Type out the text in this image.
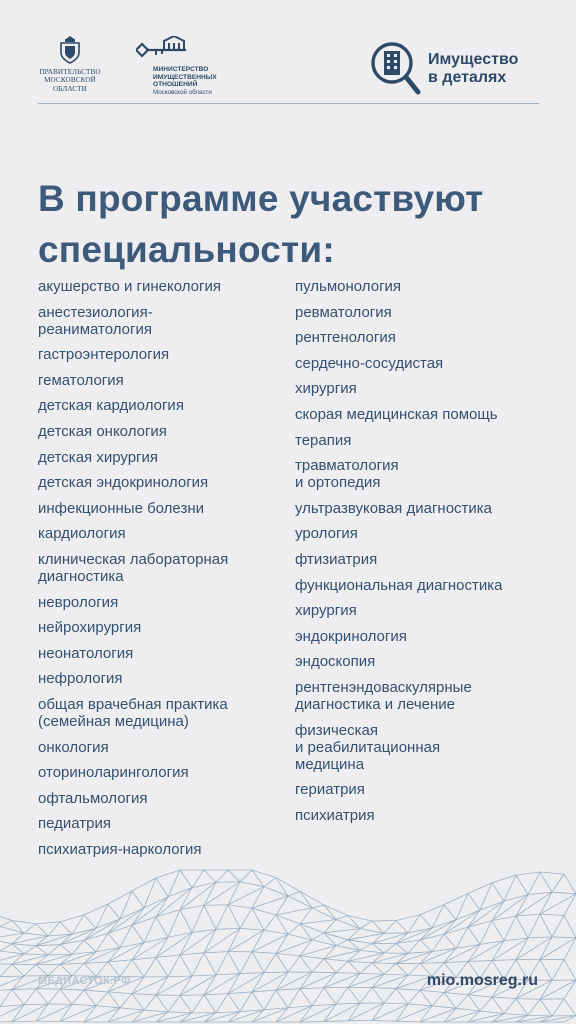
ПРАВИТЕЛЬСТВО
МОСКОВСКОЙ
ОБЛАСТИ
МИНИСТЕРСТВО
ИМУЩЕСТВЕННЫХ
ОТНОШЕНИЙ
Московской области
Имущество
в деталях
В программе участвуют
специальности:
акушерство и гинекология
анестезиология-
реаниматология
гастроэнтерология
гематология
детская кардиология
детская онкология
детская хирургия
детская эндокринология
инфекционные болезни
кардиология
клиническая лабораторная
диагностика
неврология
нейрохирургия
неонатология
нефрология
общая врачебная практика
(семейная медицина)
онкология
оториноларингология
офтальмология
педиатрия
психиатрия-наркология
пульмонология
ревматология
рентгенология
сердечно-сосудистая
хирургия
скорая медицинская помощь
терапия
травматология
и ортопедия
ультразвуковая диагностика
урология
фтизиатрия
функциональная диагностика
хирургия
эндокринология
эндоскопия
рентгенэндоваскулярные
диагностика и лечение
физическая
и реабилитационная
медицина
гериатрия
психиатрия
МЕДИАСТОК.РФ	mio.mosreg.ru
